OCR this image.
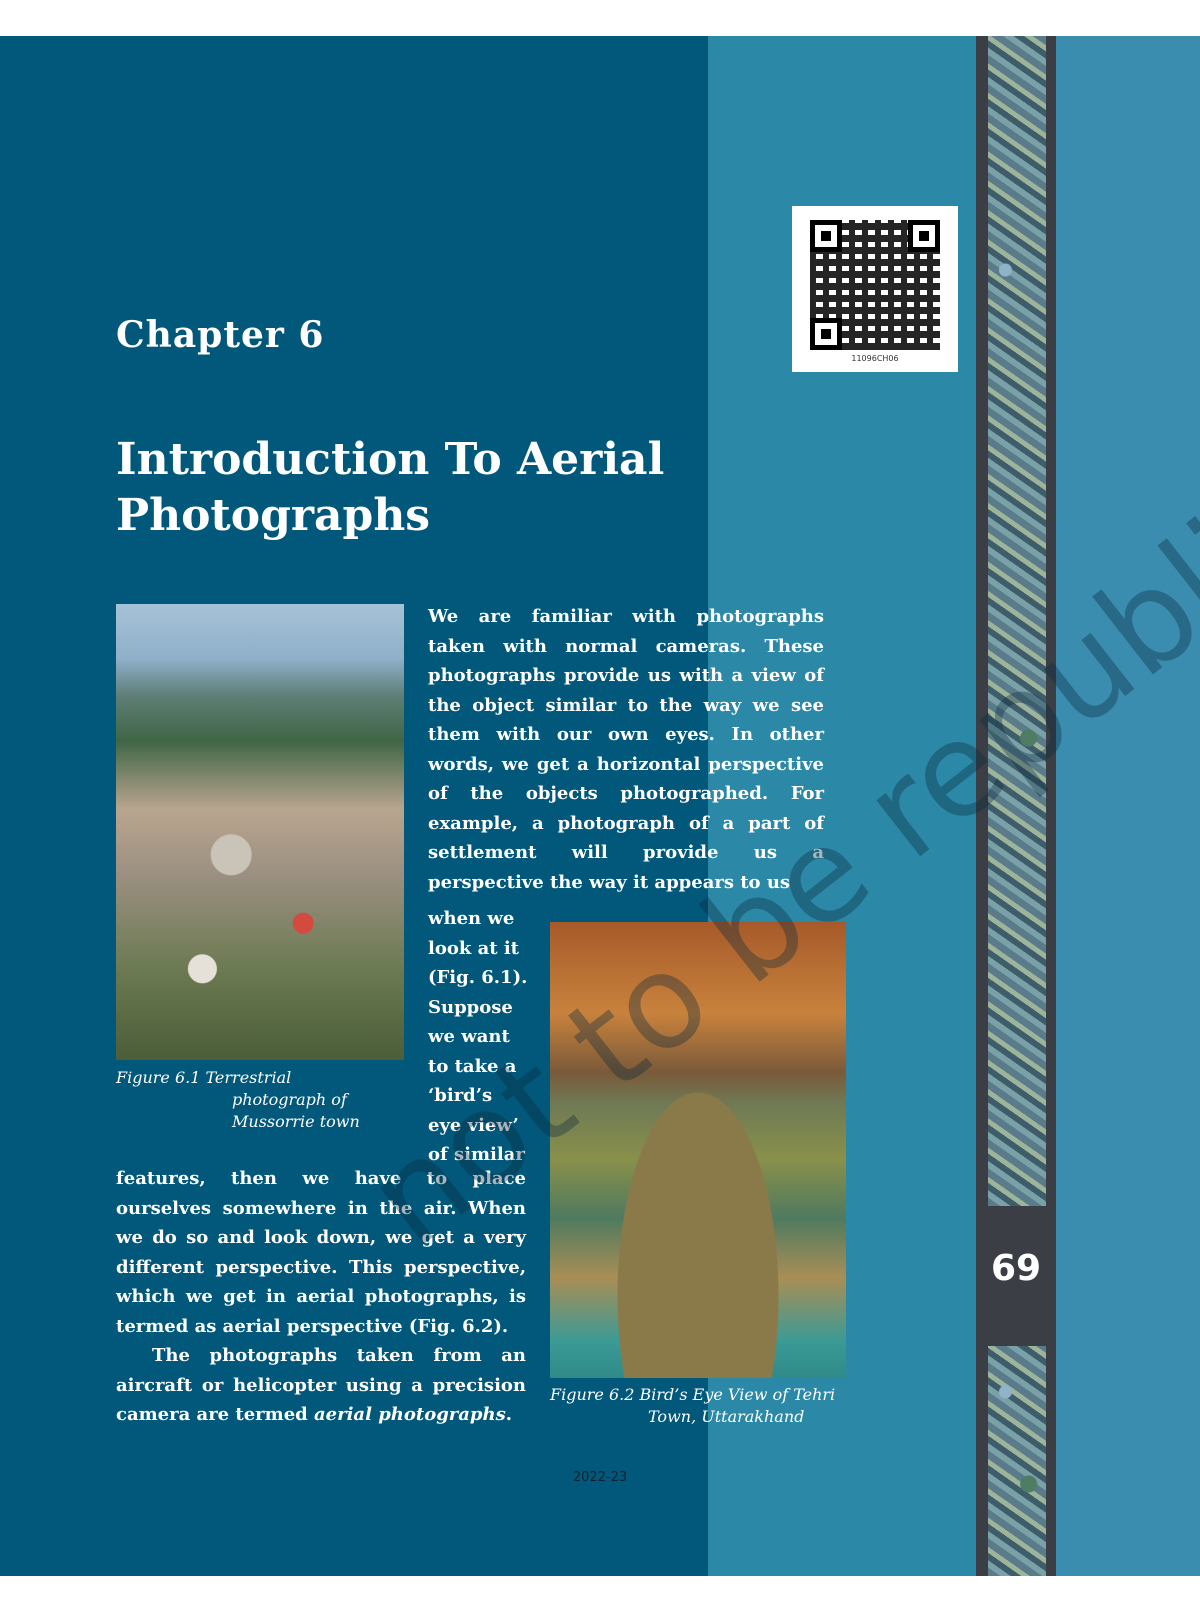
69
11096CH06
Chapter 6
Introduction To Aerial Photographs
Figure 6.1 Terrestrial
photograph of
Mussorrie town

We are familiar with photographs taken with normal cameras. These photographs provide us with a view of the object similar to the way we see them with our own eyes. In other words, we get a horizontal perspective of the objects photographed. For example, a photograph of a part of settlement will provide us a perspective the way it appears to us

when we look at it (Fig. 6.1). Suppose we want to take a ‘bird’s eye view’ of similar

Figure 6.2 Bird’s Eye View of Tehri
Town, Uttarakhand

features, then we have to place ourselves somewhere in the air. When we do so and look down, we get a very different perspective. This perspective, which we get in aerial photographs, is termed as aerial perspective (Fig. 6.2).

The photographs taken from an aircraft or helicopter using a precision camera are termed aerial photographs.

not to be
2022-23
